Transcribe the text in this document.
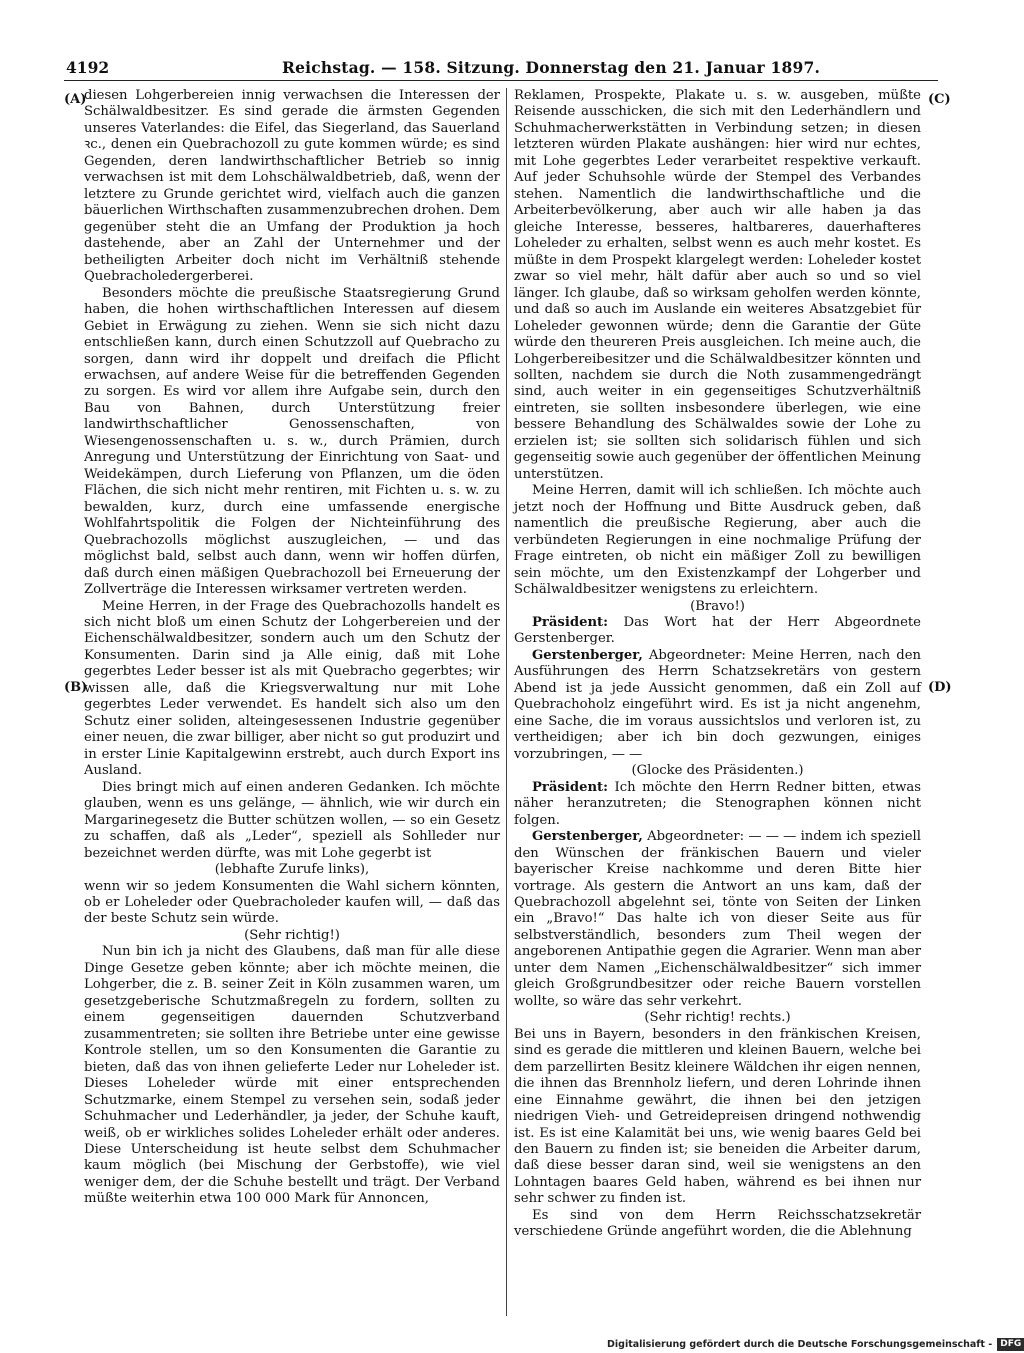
4192	Reichstag. — 158. Sitzung. Donnerstag den 21. Januar 1897.

diesen Lohgerbereien innig verwachsen die Interessen der Schälwaldbesitzer. Es sind gerade die ärmsten Gegenden unseres Vaterlandes: die Eifel, das Siegerland, das Sauerland ꝛc., denen ein Quebrachozoll zu gute kommen würde; es sind Gegenden, deren landwirthschaftlicher Betrieb so innig verwachsen ist mit dem Lohschälwaldbetrieb, daß, wenn der letztere zu Grunde gerichtet wird, vielfach auch die ganzen bäuerlichen Wirthschaften zusammenzubrechen drohen. Dem gegenüber steht die an Umfang der Produktion ja hoch dastehende, aber an Zahl der Unternehmer und der betheiligten Arbeiter doch nicht im Verhältniß stehende Quebracholedergerberei.

Besonders möchte die preußische Staatsregierung Grund haben, die hohen wirthschaftlichen Interessen auf diesem Gebiet in Erwägung zu ziehen. Wenn sie sich nicht dazu entschließen kann, durch einen Schutzzoll auf Quebracho zu sorgen, dann wird ihr doppelt und dreifach die Pflicht erwachsen, auf andere Weise für die betreffenden Gegenden zu sorgen. Es wird vor allem ihre Aufgabe sein, durch den Bau von Bahnen, durch Unterstützung freier landwirthschaftlicher Genossenschaften, von Wiesengenossenschaften u. s. w., durch Prämien, durch Anregung und Unterstützung der Einrichtung von Saat- und Weidekämpen, durch Lieferung von Pflanzen, um die öden Flächen, die sich nicht mehr rentiren, mit Fichten u. s. w. zu bewalden, kurz, durch eine umfassende energische Wohlfahrtspolitik die Folgen der Nichteinführung des Quebrachozolls möglichst auszugleichen, — und das möglichst bald, selbst auch dann, wenn wir hoffen dürfen, daß durch einen mäßigen Quebrachozoll bei Erneuerung der Zollverträge die Interessen wirksamer vertreten werden.

Meine Herren, in der Frage des Quebrachozolls handelt es sich nicht bloß um einen Schutz der Lohgerbereien und der Eichenschälwaldbesitzer, sondern auch um den Schutz der Konsumenten. Darin sind ja Alle einig, daß mit Lohe gegerbtes Leder besser ist als mit Quebracho gegerbtes; wir wissen alle, daß die Kriegsverwaltung nur mit Lohe gegerbtes Leder verwendet. Es handelt sich also um den Schutz einer soliden, alteingesessenen Industrie gegenüber einer neuen, die zwar billiger, aber nicht so gut produzirt und in erster Linie Kapitalgewinn erstrebt, auch durch Export ins Ausland.

Dies bringt mich auf einen anderen Gedanken. Ich möchte glauben, wenn es uns gelänge, — ähnlich, wie wir durch ein Margarinegesetz die Butter schützen wollen, — so ein Gesetz zu schaffen, daß als „Leder“, speziell als Sohlleder nur bezeichnet werden dürfte, was mit Lohe gegerbt ist

(lebhafte Zurufe links),

wenn wir so jedem Konsumenten die Wahl sichern könnten, ob er Loheleder oder Quebracholeder kaufen will, — daß das der beste Schutz sein würde.

(Sehr richtig!)

Nun bin ich ja nicht des Glaubens, daß man für alle diese Dinge Gesetze geben könnte; aber ich möchte meinen, die Lohgerber, die z. B. seiner Zeit in Köln zusammen waren, um gesetzgeberische Schutzmaßregeln zu fordern, sollten zu einem gegenseitigen dauernden Schutzverband zusammentreten; sie sollten ihre Betriebe unter eine gewisse Kontrole stellen, um so den Konsumenten die Garantie zu bieten, daß das von ihnen gelieferte Leder nur Loheleder ist. Dieses Loheleder würde mit einer entsprechenden Schutzmarke, einem Stempel zu versehen sein, sodaß jeder Schuhmacher und Lederhändler, ja jeder, der Schuhe kauft, weiß, ob er wirkliches solides Loheleder erhält oder anderes. Diese Unterscheidung ist heute selbst dem Schuhmacher kaum möglich (bei Mischung der Gerbstoffe), wie viel weniger dem, der die Schuhe bestellt und trägt. Der Verband müßte weiterhin etwa 100 000 Mark für Annoncen,

Reklamen, Prospekte, Plakate u. s. w. ausgeben, müßte Reisende ausschicken, die sich mit den Lederhändlern und Schuhmacherwerkstätten in Verbindung setzen; in diesen letzteren würden Plakate aushängen: hier wird nur echtes, mit Lohe gegerbtes Leder verarbeitet respektive verkauft. Auf jeder Schuhsohle würde der Stempel des Verbandes stehen. Namentlich die landwirthschaftliche und die Arbeiterbevölkerung, aber auch wir alle haben ja das gleiche Interesse, besseres, haltbareres, dauerhafteres Loheleder zu erhalten, selbst wenn es auch mehr kostet. Es müßte in dem Prospekt klargelegt werden: Loheleder kostet zwar so viel mehr, hält dafür aber auch so und so viel länger. Ich glaube, daß so wirksam geholfen werden könnte, und daß so auch im Auslande ein weiteres Absatzgebiet für Loheleder gewonnen würde; denn die Garantie der Güte würde den theureren Preis ausgleichen. Ich meine auch, die Lohgerbereibesitzer und die Schälwaldbesitzer könnten und sollten, nachdem sie durch die Noth zusammengedrängt sind, auch weiter in ein gegenseitiges Schutzverhältniß eintreten, sie sollten insbesondere überlegen, wie eine bessere Behandlung des Schälwaldes sowie der Lohe zu erzielen ist; sie sollten sich solidarisch fühlen und sich gegenseitig sowie auch gegenüber der öffentlichen Meinung unterstützen.

Meine Herren, damit will ich schließen. Ich möchte auch jetzt noch der Hoffnung und Bitte Ausdruck geben, daß namentlich die preußische Regierung, aber auch die verbündeten Regierungen in eine nochmalige Prüfung der Frage eintreten, ob nicht ein mäßiger Zoll zu bewilligen sein möchte, um den Existenzkampf der Lohgerber und Schälwaldbesitzer wenigstens zu erleichtern.

(Bravo!)

Präsident: Das Wort hat der Herr Abgeordnete Gerstenberger.

Gerstenberger, Abgeordneter: Meine Herren, nach den Ausführungen des Herrn Schatzsekretärs von gestern Abend ist ja jede Aussicht genommen, daß ein Zoll auf Quebrachoholz eingeführt wird. Es ist ja nicht angenehm, eine Sache, die im voraus aussichtslos und verloren ist, zu vertheidigen; aber ich bin doch gezwungen, einiges vorzubringen, — —

(Glocke des Präsidenten.)

Präsident: Ich möchte den Herrn Redner bitten, etwas näher heranzutreten; die Stenographen können nicht folgen.

Gerstenberger, Abgeordneter: — — — indem ich speziell den Wünschen der fränkischen Bauern und vieler bayerischer Kreise nachkomme und deren Bitte hier vortrage. Als gestern die Antwort an uns kam, daß der Quebrachozoll abgelehnt sei, tönte von Seiten der Linken ein „Bravo!“ Das halte ich von dieser Seite aus für selbstverständlich, besonders zum Theil wegen der angeborenen Antipathie gegen die Agrarier. Wenn man aber unter dem Namen „Eichenschälwaldbesitzer“ sich immer gleich Großgrundbesitzer oder reiche Bauern vorstellen wollte, so wäre das sehr verkehrt.

(Sehr richtig! rechts.)

Bei uns in Bayern, besonders in den fränkischen Kreisen, sind es gerade die mittleren und kleinen Bauern, welche bei dem parzellirten Besitz kleinere Wäldchen ihr eigen nennen, die ihnen das Brennholz liefern, und deren Lohrinde ihnen eine Einnahme gewährt, die ihnen bei den jetzigen niedrigen Vieh- und Getreidepreisen dringend nothwendig ist. Es ist eine Kalamität bei uns, wie wenig baares Geld bei den Bauern zu finden ist; sie beneiden die Arbeiter darum, daß diese besser daran sind, weil sie wenigstens an den Lohntagen baares Geld haben, während es bei ihnen nur sehr schwer zu finden ist.

Es sind von dem Herrn Reichsschatzsekretär verschiedene Gründe angeführt worden, die die Ablehnung

(A)
(B)
(C)
(D)
Digitalisierung gefördert durch die Deutsche Forschungsgemeinschaft - DFG
